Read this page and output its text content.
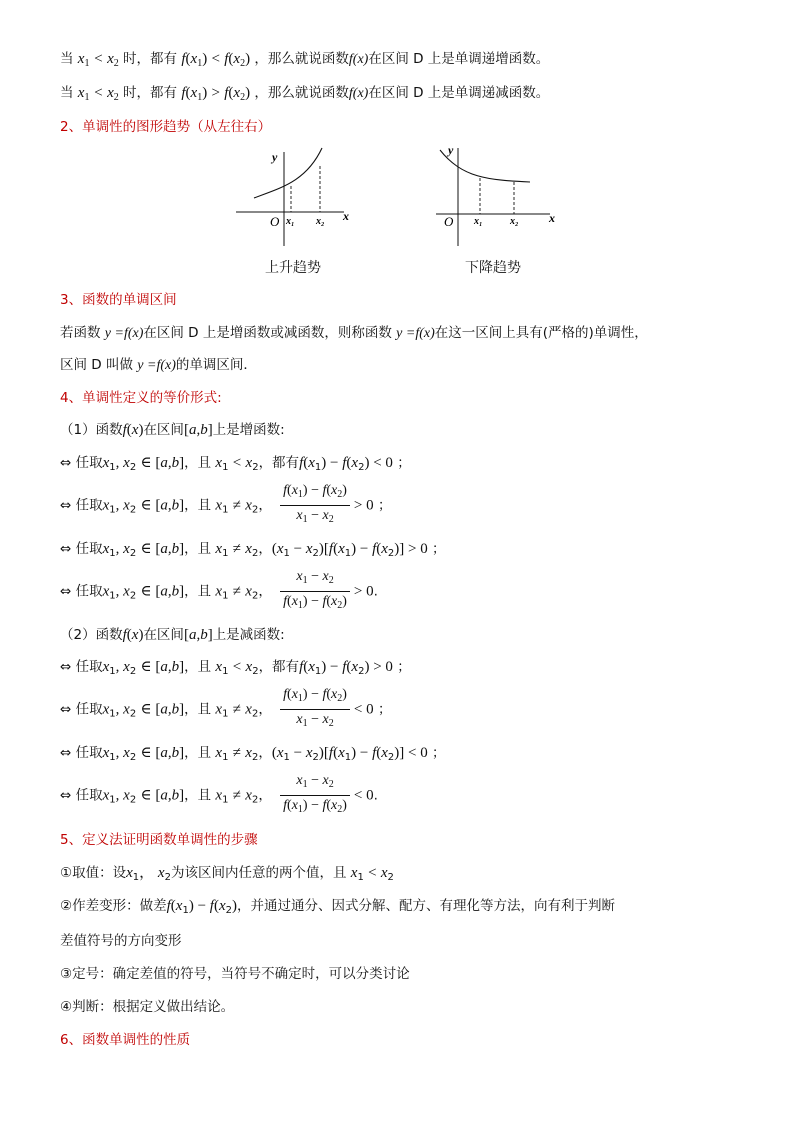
当 $x_1 < x_2$ 时，都有 $f(x_1) < f(x_2)$ ，那么就说函数f(x)在区间 D 上是单调递增函数。
当 $x_1 < x_2$ 时，都有 $f(x_1) > f(x_2)$ ，那么就说函数f(x)在区间 D 上是单调递减函数。
2、单调性的图形趋势（从左往右）
y
x
O x₁ x₂
上升趋势
y
x
O x₁	x₂
下降趋势
3、函数的单调区间
若函数 y =f(x)在区间 D 上是增函数或减函数，则称函数 y =f(x)在这一区间上具有(严格的)单调性，
区间 D 叫做 y =f(x)的单调区间．
4、单调性定义的等价形式:
（1）函数f(x)在区间[a,b]上是增函数:
⇔ 任取$x_1$, $x_2$ ∈ [a,b]，且 $x_1 < x_2$，都有$f(x_1) - f(x_2) < 0$ ；
⇔ 任取$x_1$, $x_2$ ∈ [a,b]，且 $x_1 \ne x_2$， $\frac{f(x_1) - f(x_2)}{x_1 - x_2} > 0$ ；
⇔ 任取$x_1$, $x_2$ ∈ [a,b]，且 $x_1 \ne x_2$，$(x_1 - x_2)[f(x_1) - f(x_2)] > 0$ ；
⇔ 任取$x_1$, $x_2$ ∈ [a,b]，且 $x_1 \ne x_2$， $\frac{x_1 - x_2}{f(x_1) - f(x_2)} > 0$.
（2）函数f(x)在区间[a,b]上是减函数:
⇔ 任取$x_1$, $x_2$ ∈ [a,b]，且 $x_1 < x_2$，都有$f(x_1) - f(x_2) > 0$ ；
⇔ 任取$x_1$, $x_2$ ∈ [a,b]，且 $x_1 \ne x_2$， $\frac{f(x_1) - f(x_2)}{x_1 - x_2} < 0$ ；
⇔ 任取$x_1$, $x_2$ ∈ [a,b]，且 $x_1 \ne x_2$，$(x_1 - x_2)[f(x_1) - f(x_2)] < 0$ ；
⇔ 任取$x_1$, $x_2$ ∈ [a,b]，且 $x_1 \ne x_2$， $\frac{x_1 - x_2}{f(x_1) - f(x_2)} < 0$.
5、定义法证明函数单调性的步骤
①取值：设$x_1$， $x_2$为该区间内任意的两个值，且 $x_1 < x_2$
②作差变形：做差$f(x_1) - f(x_2)$，并通过通分、因式分解、配方、有理化等方法，向有利于判断
差值符号的方向变形
③定号：确定差值的符号，当符号不确定时，可以分类讨论
④判断：根据定义做出结论。
6、函数单调性的性质
